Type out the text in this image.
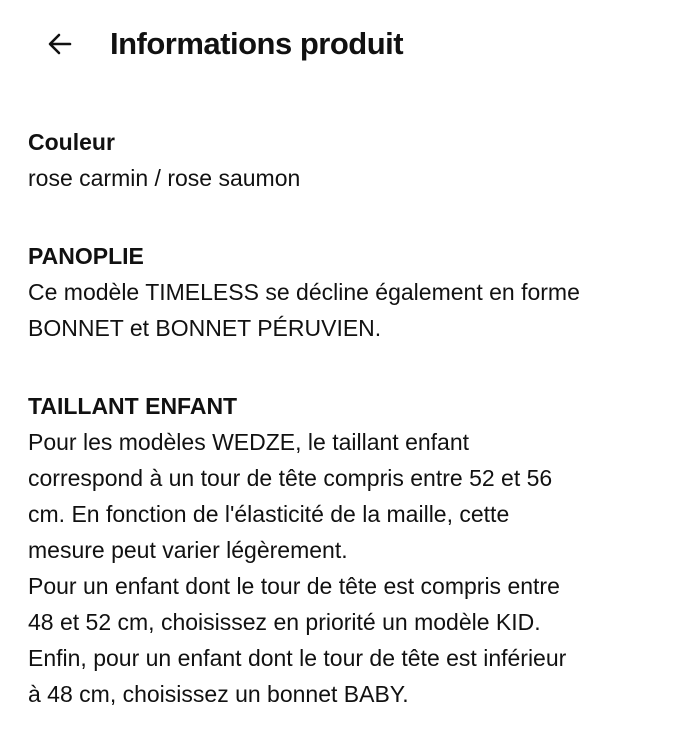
Informations produit
Couleur
rose carmin / rose saumon
PANOPLIE

Ce modèle TIMELESS se décline également en forme

BONNET et BONNET PÉRUVIEN.

TAILLANT ENFANT

Pour les modèles WEDZE, le taillant enfant

correspond à un tour de tête compris entre 52 et 56

cm. En fonction de l'élasticité de la maille, cette

mesure peut varier légèrement.

Pour un enfant dont le tour de tête est compris entre

48 et 52 cm, choisissez en priorité un modèle KID.

Enfin, pour un enfant dont le tour de tête est inférieur

à 48 cm, choisissez un bonnet BABY.
